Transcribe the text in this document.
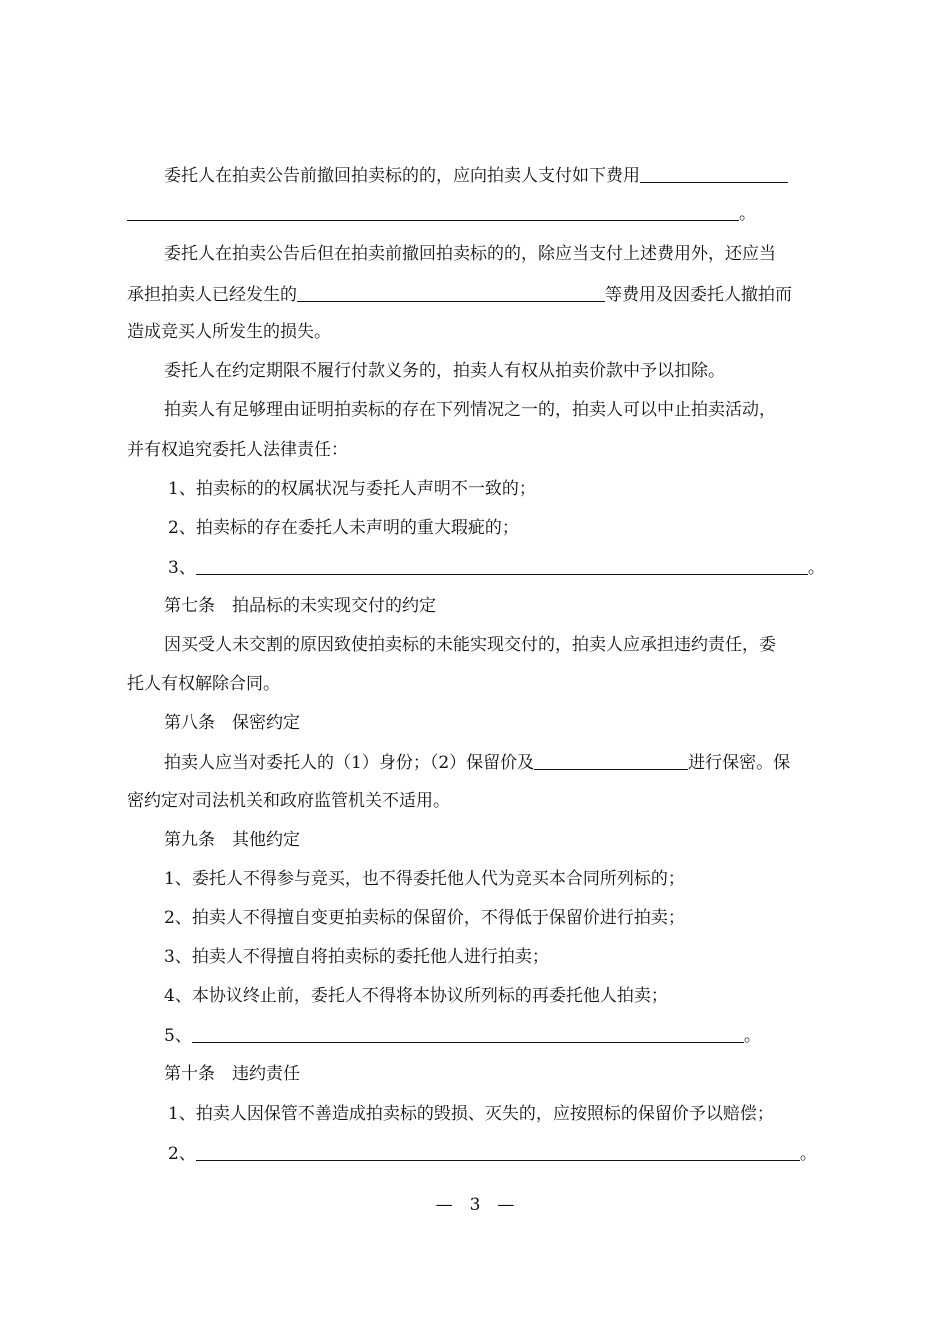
委托人在拍卖公告前撤回拍卖标的的，应向拍卖人支付如下费用
。
委托人在拍卖公告后但在拍卖前撤回拍卖标的的，除应当支付上述费用外，还应当
承担拍卖人已经发生的	等费用及因委托人撤拍而
造成竞买人所发生的损失。
委托人在约定期限不履行付款义务的，拍卖人有权从拍卖价款中予以扣除。
拍卖人有足够理由证明拍卖标的存在下列情况之一的，拍卖人可以中止拍卖活动，
并有权追究委托人法律责任：
1、拍卖标的的权属状况与委托人声明不一致的；
2、拍卖标的存在委托人未声明的重大瑕疵的；
3、	。
第七条　拍品标的未实现交付的约定
因买受人未交割的原因致使拍卖标的未能实现交付的，拍卖人应承担违约责任，委
托人有权解除合同。
第八条　保密约定
拍卖人应当对委托人的（1）身份；（2）保留价及	进行保密。保
密约定对司法机关和政府监管机关不适用。
第九条　其他约定
1、委托人不得参与竞买，也不得委托他人代为竞买本合同所列标的；
2、拍卖人不得擅自变更拍卖标的保留价，不得低于保留价进行拍卖；
3、拍卖人不得擅自将拍卖标的委托他人进行拍卖；
4、本协议终止前，委托人不得将本协议所列标的再委托他人拍卖；
5、	。
第十条　违约责任
1、拍卖人因保管不善造成拍卖标的毁损、灭失的，应按照标的保留价予以赔偿；
2、	。
—　3　—
